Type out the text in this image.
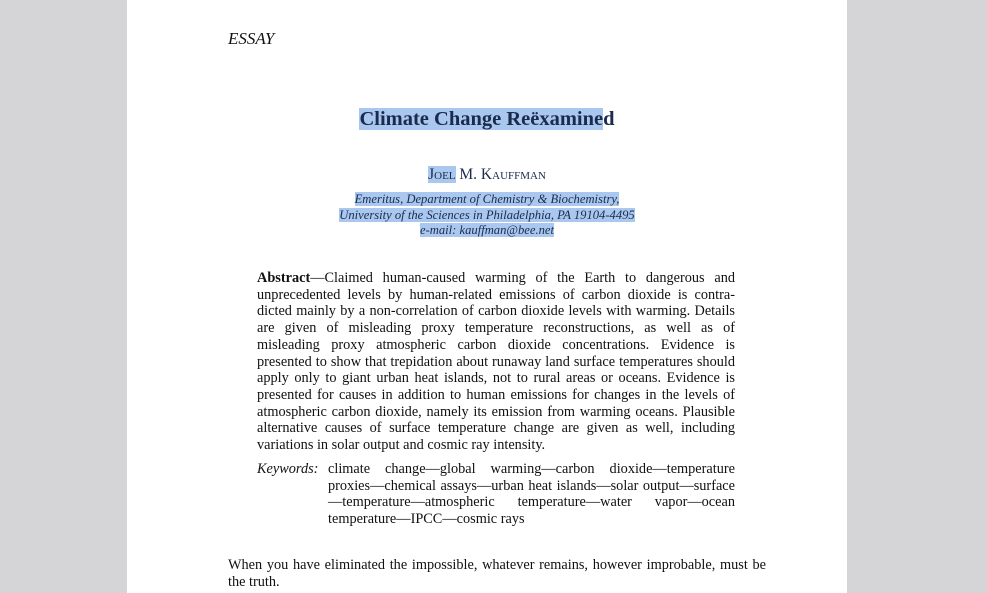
ESSAY
Climate Change Reëxamined
Joel M. Kauffman
Emeritus, Department of Chemistry & Biochemistry,
University of the Sciences in Philadelphia, PA 19104-4495
e-mail: kauffman@bee.net
Abstract—Claimed human-caused warming of the Earth to dangerous and unprecedented levels by human-related emissions of carbon dioxide is contra-dicted mainly by a non-correlation of carbon dioxide levels with warming. Details are given of misleading proxy temperature reconstructions, as well as of misleading proxy atmospheric carbon dioxide concentrations. Evidence is presented to show that trepidation about runaway land surface temperatures should apply only to giant urban heat islands, not to rural areas or oceans. Evidence is presented for causes in addition to human emissions for changes in the levels of atmospheric carbon dioxide, namely its emission from warming oceans. Plausible alternative causes of surface temperature change are given as well, including variations in solar output and cosmic ray intensity.
Keywords: climate change—global warming—carbon dioxide—temperature proxies—chemical assays—urban heat islands—solar output—surface—temperature—atmospheric temperature—water vapor—ocean temperature—IPCC—cosmic rays
When you have eliminated the impossible, whatever remains, however improbable, must be the truth.
